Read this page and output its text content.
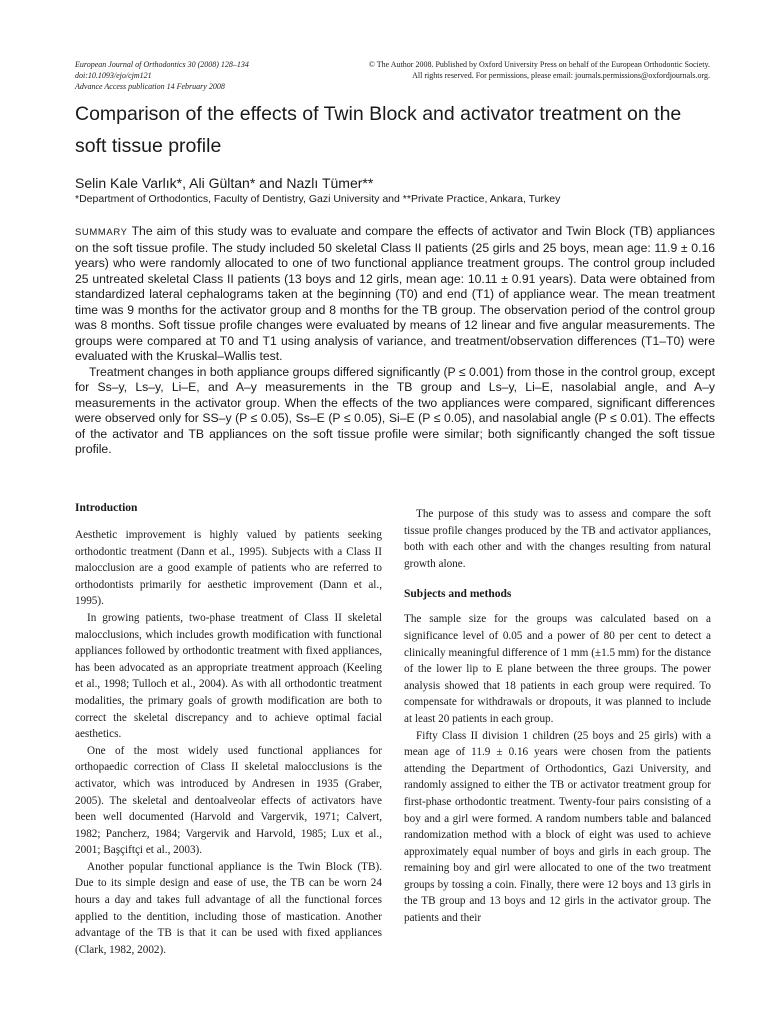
European Journal of Orthodontics 30 (2008) 128–134
doi:10.1093/ejo/cjm121
Advance Access publication 14 February 2008
© The Author 2008. Published by Oxford University Press on behalf of the European Orthodontic Society.
All rights reserved. For permissions, please email: journals.permissions@oxfordjournals.org.
Comparison of the effects of Twin Block and activator treatment on the soft tissue profile
Selin Kale Varlık*, Ali Gültan* and Nazlı Tümer**
*Department of Orthodontics, Faculty of Dentistry, Gazi University and **Private Practice, Ankara, Turkey

SUMMARY The aim of this study was to evaluate and compare the effects of activator and Twin Block (TB) appliances on the soft tissue profile. The study included 50 skeletal Class II patients (25 girls and 25 boys, mean age: 11.9 ± 0.16 years) who were randomly allocated to one of two functional appliance treatment groups. The control group included 25 untreated skeletal Class II patients (13 boys and 12 girls, mean age: 10.11 ± 0.91 years). Data were obtained from standardized lateral cephalograms taken at the beginning (T0) and end (T1) of appliance wear. The mean treatment time was 9 months for the activator group and 8 months for the TB group. The observation period of the control group was 8 months. Soft tissue profile changes were evaluated by means of 12 linear and five angular measurements. The groups were compared at T0 and T1 using analysis of variance, and treatment/observation differences (T1–T0) were evaluated with the Kruskal–Wallis test.

Treatment changes in both appliance groups differed significantly (P ≤ 0.001) from those in the control group, except for Ss–y, Ls–y, Li–E, and A–y measurements in the TB group and Ls–y, Li–E, nasolabial angle, and A–y measurements in the activator group. When the effects of the two appliances were compared, significant differences were observed only for SS–y (P ≤ 0.05), Ss–E (P ≤ 0.05), Si–E (P ≤ 0.05), and nasolabial angle (P ≤ 0.01). The effects of the activator and TB appliances on the soft tissue profile were similar; both significantly changed the soft tissue profile.

Introduction

Aesthetic improvement is highly valued by patients seeking orthodontic treatment (Dann et al., 1995). Subjects with a Class II malocclusion are a good example of patients who are referred to orthodontists primarily for aesthetic improvement (Dann et al., 1995).

In growing patients, two-phase treatment of Class II skeletal malocclusions, which includes growth modification with functional appliances followed by orthodontic treatment with fixed appliances, has been advocated as an appropriate treatment approach (Keeling et al., 1998; Tulloch et al., 2004). As with all orthodontic treatment modalities, the primary goals of growth modification are both to correct the skeletal discrepancy and to achieve optimal facial aesthetics.

One of the most widely used functional appliances for orthopaedic correction of Class II skeletal malocclusions is the activator, which was introduced by Andresen in 1935 (Graber, 2005). The skeletal and dentoalveolar effects of activators have been well documented (Harvold and Vargervik, 1971; Calvert, 1982; Pancherz, 1984; Vargervik and Harvold, 1985; Lux et al., 2001; Başçiftçi et al., 2003).

Another popular functional appliance is the Twin Block (TB). Due to its simple design and ease of use, the TB can be worn 24 hours a day and takes full advantage of all the functional forces applied to the dentition, including those of mastication. Another advantage of the TB is that it can be used with fixed appliances (Clark, 1982, 2002).

The purpose of this study was to assess and compare the soft tissue profile changes produced by the TB and activator appliances, both with each other and with the changes resulting from natural growth alone.

Subjects and methods

The sample size for the groups was calculated based on a significance level of 0.05 and a power of 80 per cent to detect a clinically meaningful difference of 1 mm (±1.5 mm) for the distance of the lower lip to E plane between the three groups. The power analysis showed that 18 patients in each group were required. To compensate for withdrawals or dropouts, it was planned to include at least 20 patients in each group.

Fifty Class II division 1 children (25 boys and 25 girls) with a mean age of 11.9 ± 0.16 years were chosen from the patients attending the Department of Orthodontics, Gazi University, and randomly assigned to either the TB or activator treatment group for first-phase orthodontic treatment. Twenty-four pairs consisting of a boy and a girl were formed. A random numbers table and balanced randomization method with a block of eight was used to achieve approximately equal number of boys and girls in each group. The remaining boy and girl were allocated to one of the two treatment groups by tossing a coin. Finally, there were 12 boys and 13 girls in the TB group and 13 boys and 12 girls in the activator group. The patients and their
